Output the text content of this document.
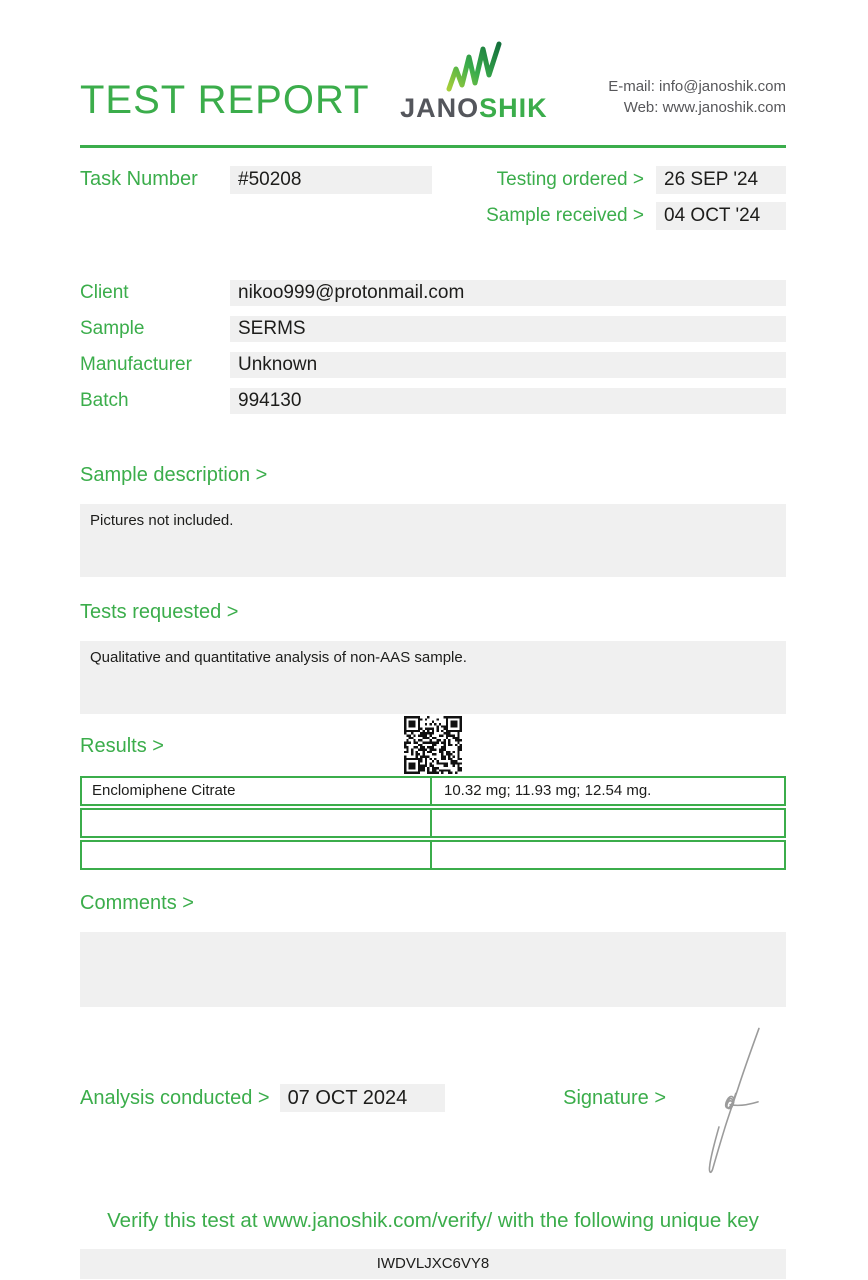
TEST REPORT JANOSHIK
E-mail: info@janoshik.com
Web: www.janoshik.com
Task Number	#50208	Testing ordered >	26 SEP '24
Sample received >	04 OCT '24
Client	nikoo999@protonmail.com
Sample	SERMS
Manufacturer	Unknown
Batch	994130
Sample description >
Pictures not included.
Tests requested >
Qualitative and quantitative analysis of non-AAS sample.
Results >
Enclomiphene Citrate	10.32 mg; 11.93 mg; 12.54 mg.
Comments >
Analysis conducted > 07 OCT 2024	Signature >
Verify this test at www.janoshik.com/verify/ with the following unique key
IWDVLJXC6VY8
